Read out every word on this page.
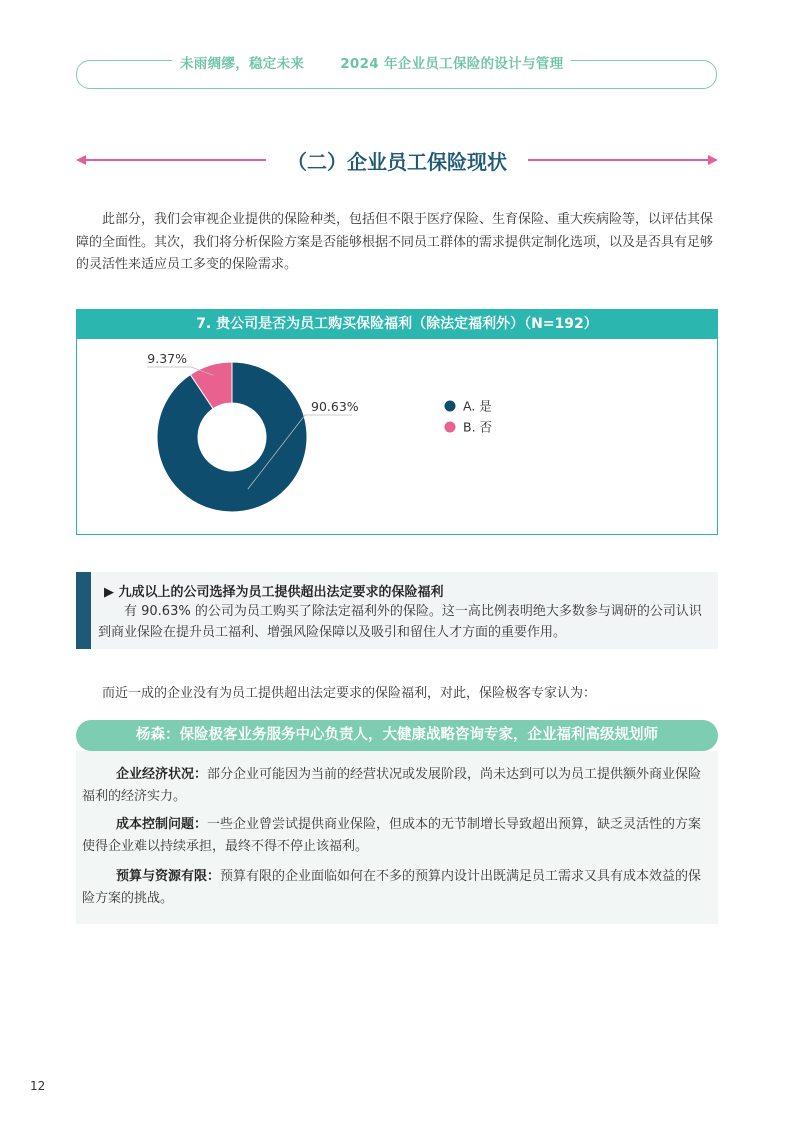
未雨绸缪，稳定未来	2024 年企业员工保险的设计与管理
（二）企业员工保险现状
此部分，我们会审视企业提供的保险种类，包括但不限于医疗保险、生育保险、重大疾病险等，以评估其保障的全面性。其次，我们将分析保险方案是否能够根据不同员工群体的需求提供定制化选项，以及是否具有足够的灵活性来适应员工多变的保险需求。
7. 贵公司是否为员工购买保险福利（除法定福利外）（N=192）
90.63%
9.37%
A. 是
B. 否
▶ 九成以上的公司选择为员工提供超出法定要求的保险福利
有 90.63% 的公司为员工购买了除法定福利外的保险。这一高比例表明绝大多数参与调研的公司认识到商业保险在提升员工福利、增强风险保障以及吸引和留住人才方面的重要作用。
而近一成的企业没有为员工提供超出法定要求的保险福利，对此，保险极客专家认为：
杨森：保险极客业务服务中心负责人，大健康战略咨询专家，企业福利高级规划师
企业经济状况：部分企业可能因为当前的经营状况或发展阶段，尚未达到可以为员工提供额外商业保险福利的经济实力。
成本控制问题：一些企业曾尝试提供商业保险，但成本的无节制增长导致超出预算，缺乏灵活性的方案使得企业难以持续承担，最终不得不停止该福利。
预算与资源有限：预算有限的企业面临如何在不多的预算内设计出既满足员工需求又具有成本效益的保险方案的挑战。
12
